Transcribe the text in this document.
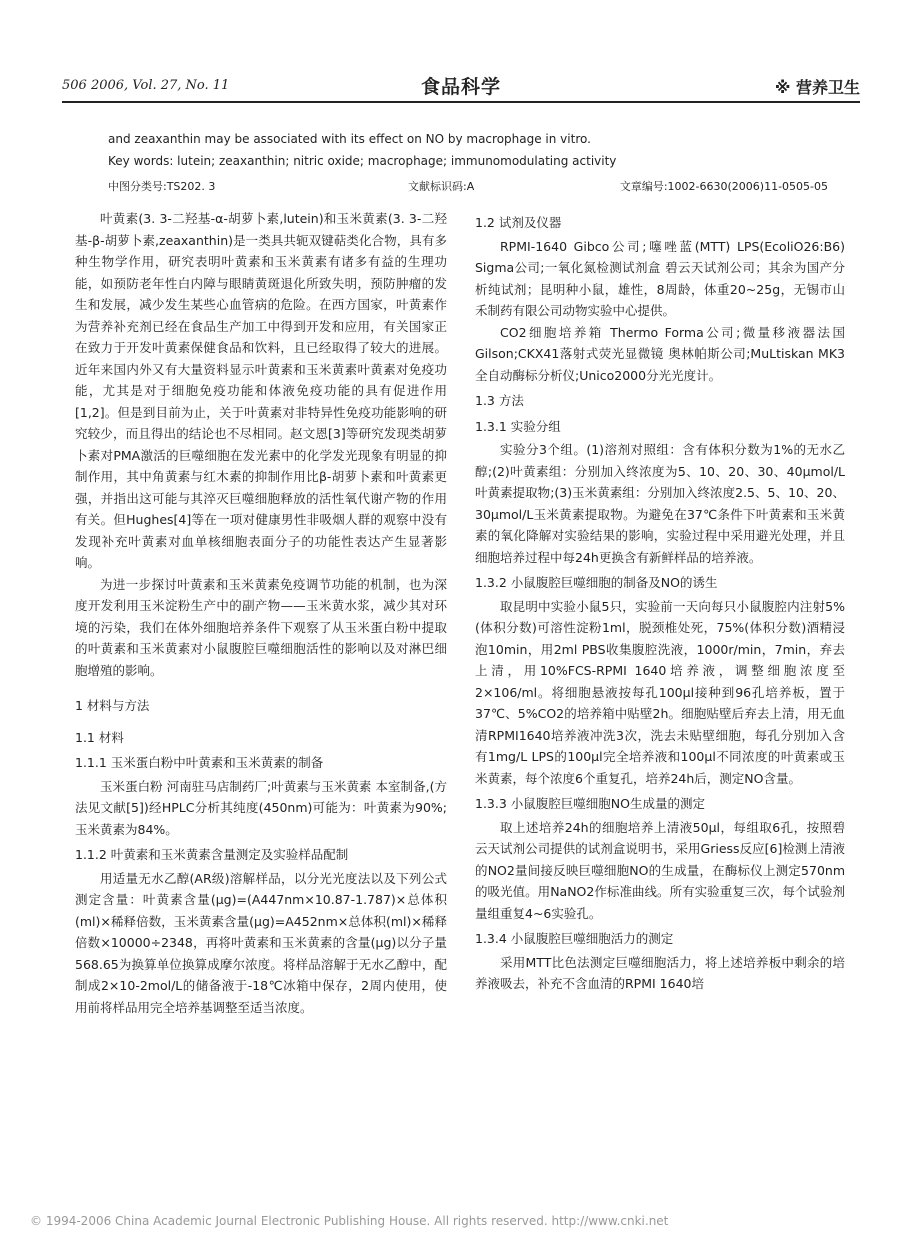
506 2006, Vol. 27, No. 11	食品科学	※ 营养卫生
and zeaxanthin may be associated with its effect on NO by macrophage in vitro.
Key words: lutein; zeaxanthin; nitric oxide; macrophage; immunomodulating activity
中图分类号:TS202. 3	文献标识码:A	文章编号:1002-6630(2006)11-0505-05

叶黄素(3. 3-二羟基-α-胡萝卜素,lutein)和玉米黄素(3. 3-二羟基-β-胡萝卜素,zeaxanthin)是一类具共轭双键萜类化合物，具有多种生物学作用，研究表明叶黄素和玉米黄素有诸多有益的生理功能，如预防老年性白内障与眼睛黄斑退化所致失明，预防肿瘤的发生和发展，减少发生某些心血管病的危险。在西方国家，叶黄素作为营养补充剂已经在食品生产加工中得到开发和应用，有关国家正在致力于开发叶黄素保健食品和饮料，且已经取得了较大的进展。近年来国内外又有大量资料显示叶黄素和玉米黄素叶黄素对免疫功能，尤其是对于细胞免疫功能和体液免疫功能的具有促进作用[1,2]。但是到目前为止，关于叶黄素对非特异性免疫功能影响的研究较少，而且得出的结论也不尽相同。赵文恩[3]等研究发现类胡萝卜素对PMA激活的巨噬细胞在发光素中的化学发光现象有明显的抑制作用，其中角黄素与红木素的抑制作用比β-胡萝卜素和叶黄素更强，并指出这可能与其淬灭巨噬细胞释放的活性氧代谢产物的作用有关。但Hughes[4]等在一项对健康男性非吸烟人群的观察中没有发现补充叶黄素对血单核细胞表面分子的功能性表达产生显著影响。

为进一步探讨叶黄素和玉米黄素免疫调节功能的机制，也为深度开发利用玉米淀粉生产中的副产物——玉米黄水浆，减少其对环境的污染，我们在体外细胞培养条件下观察了从玉米蛋白粉中提取的叶黄素和玉米黄素对小鼠腹腔巨噬细胞活性的影响以及对淋巴细胞增殖的影响。

1 材料与方法
1.1 材料
1.1.1 玉米蛋白粉中叶黄素和玉米黄素的制备

玉米蛋白粉 河南驻马店制药厂;叶黄素与玉米黄素 本室制备,(方法见文献[5])经HPLC分析其纯度(450nm)可能为：叶黄素为90%;玉米黄素为84%。

1.1.2 叶黄素和玉米黄素含量测定及实验样品配制

用适量无水乙醇(AR级)溶解样品，以分光光度法以及下列公式测定含量：叶黄素含量(μg)=(A447nm×10.87-1.787)×总体积(ml)×稀释倍数，玉米黄素含量(μg)=A452nm×总体积(ml)×稀释倍数×10000÷2348，再将叶黄素和玉米黄素的含量(μg)以分子量568.65为换算单位换算成摩尔浓度。将样品溶解于无水乙醇中，配制成2×10-2mol/L的储备液于-18℃冰箱中保存，2周内使用，使用前将样品用完全培养基调整至适当浓度。

1.2 试剂及仪器

RPMI-1640 Gibco公司;噻唑蓝(MTT) LPS(EcoliO26:B6) Sigma公司;一氧化氮检测试剂盒 碧云天试剂公司；其余为国产分析纯试剂；昆明种小鼠，雄性，8周龄，体重20~25g，无锡市山禾制药有限公司动物实验中心提供。

CO2细胞培养箱 Thermo Forma公司;微量移液器法国Gilson;CKX41落射式荧光显微镜 奥林帕斯公司;MuLtiskan MK3全自动酶标分析仪;Unico2000分光光度计。

1.3 方法
1.3.1 实验分组

实验分3个组。(1)溶剂对照组：含有体积分数为1%的无水乙醇;(2)叶黄素组：分别加入终浓度为5、10、20、30、40μmol/L叶黄素提取物;(3)玉米黄素组：分别加入终浓度2.5、5、10、20、30μmol/L玉米黄素提取物。为避免在37℃条件下叶黄素和玉米黄素的氧化降解对实验结果的影响，实验过程中采用避光处理，并且细胞培养过程中每24h更换含有新鲜样品的培养液。

1.3.2 小鼠腹腔巨噬细胞的制备及NO的诱生

取昆明中实验小鼠5只，实验前一天向每只小鼠腹腔内注射5%(体积分数)可溶性淀粉1ml，脱颈椎处死，75%(体积分数)酒精浸泡10min，用2ml PBS收集腹腔洗液，1000r/min，7min，弃去上清，用10%FCS-RPMI 1640培养液，调整细胞浓度至2×106/ml。将细胞悬液按每孔100μl接种到96孔培养板，置于37℃、5%CO2的培养箱中贴壁2h。细胞贴壁后弃去上清，用无血清RPMI1640培养液冲洗3次，洗去未贴壁细胞，每孔分别加入含有1mg/L LPS的100μl完全培养液和100μl不同浓度的叶黄素或玉米黄素，每个浓度6个重复孔，培养24h后，测定NO含量。

1.3.3 小鼠腹腔巨噬细胞NO生成量的测定

取上述培养24h的细胞培养上清液50μl，每组取6孔，按照碧云天试剂公司提供的试剂盒说明书，采用Griess反应[6]检测上清液的NO2量间接反映巨噬细胞NO的生成量，在酶标仪上测定570nm的吸光值。用NaNO2作标准曲线。所有实验重复三次，每个试验剂量组重复4~6实验孔。

1.3.4 小鼠腹腔巨噬细胞活力的测定

采用MTT比色法测定巨噬细胞活力，将上述培养板中剩余的培养液吸去，补充不含血清的RPMI 1640培

© 1994-2006 China Academic Journal Electronic Publishing House. All rights reserved. http://www.cnki.net
